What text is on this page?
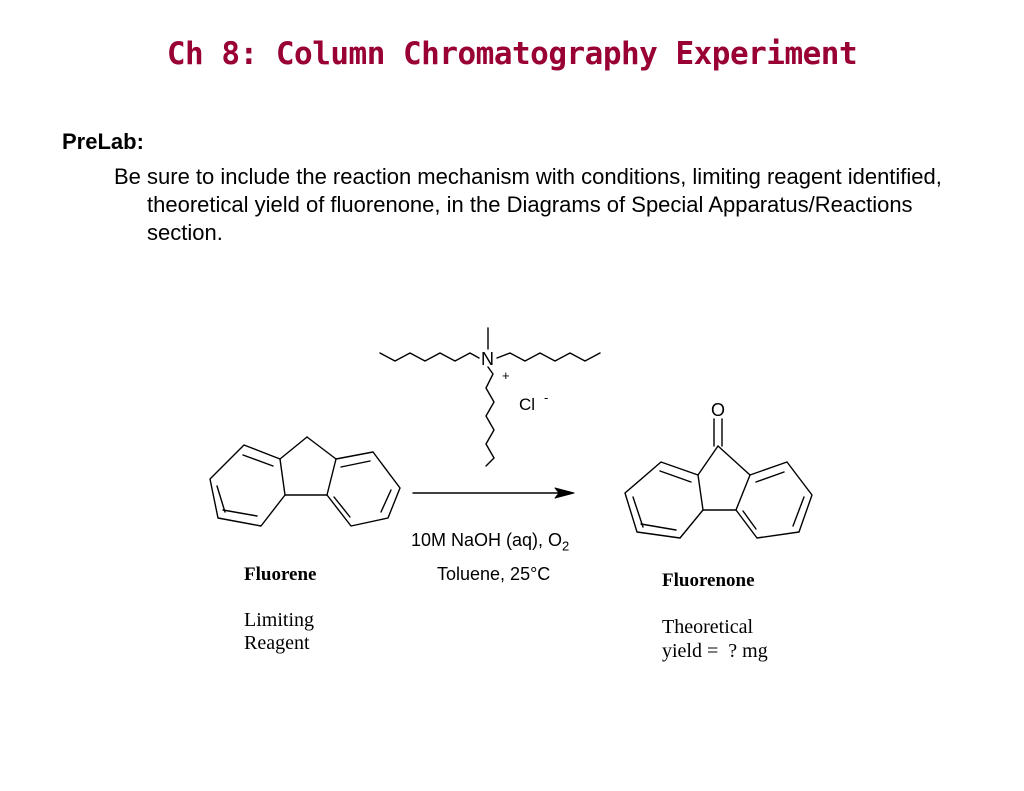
Ch 8: Column Chromatography Experiment
PreLab:
Be sure to include the reaction mechanism with conditions, limiting reagent identified, theoretical yield of fluorenone, in the Diagrams of Special Apparatus/Reactions section.
N
+
Cl -
O
10M NaOH (aq), $O_2$
Toluene, 25°C
Fluorene
Limiting
Reagent
Fluorenone
Theoretical
yield =  ? mg
